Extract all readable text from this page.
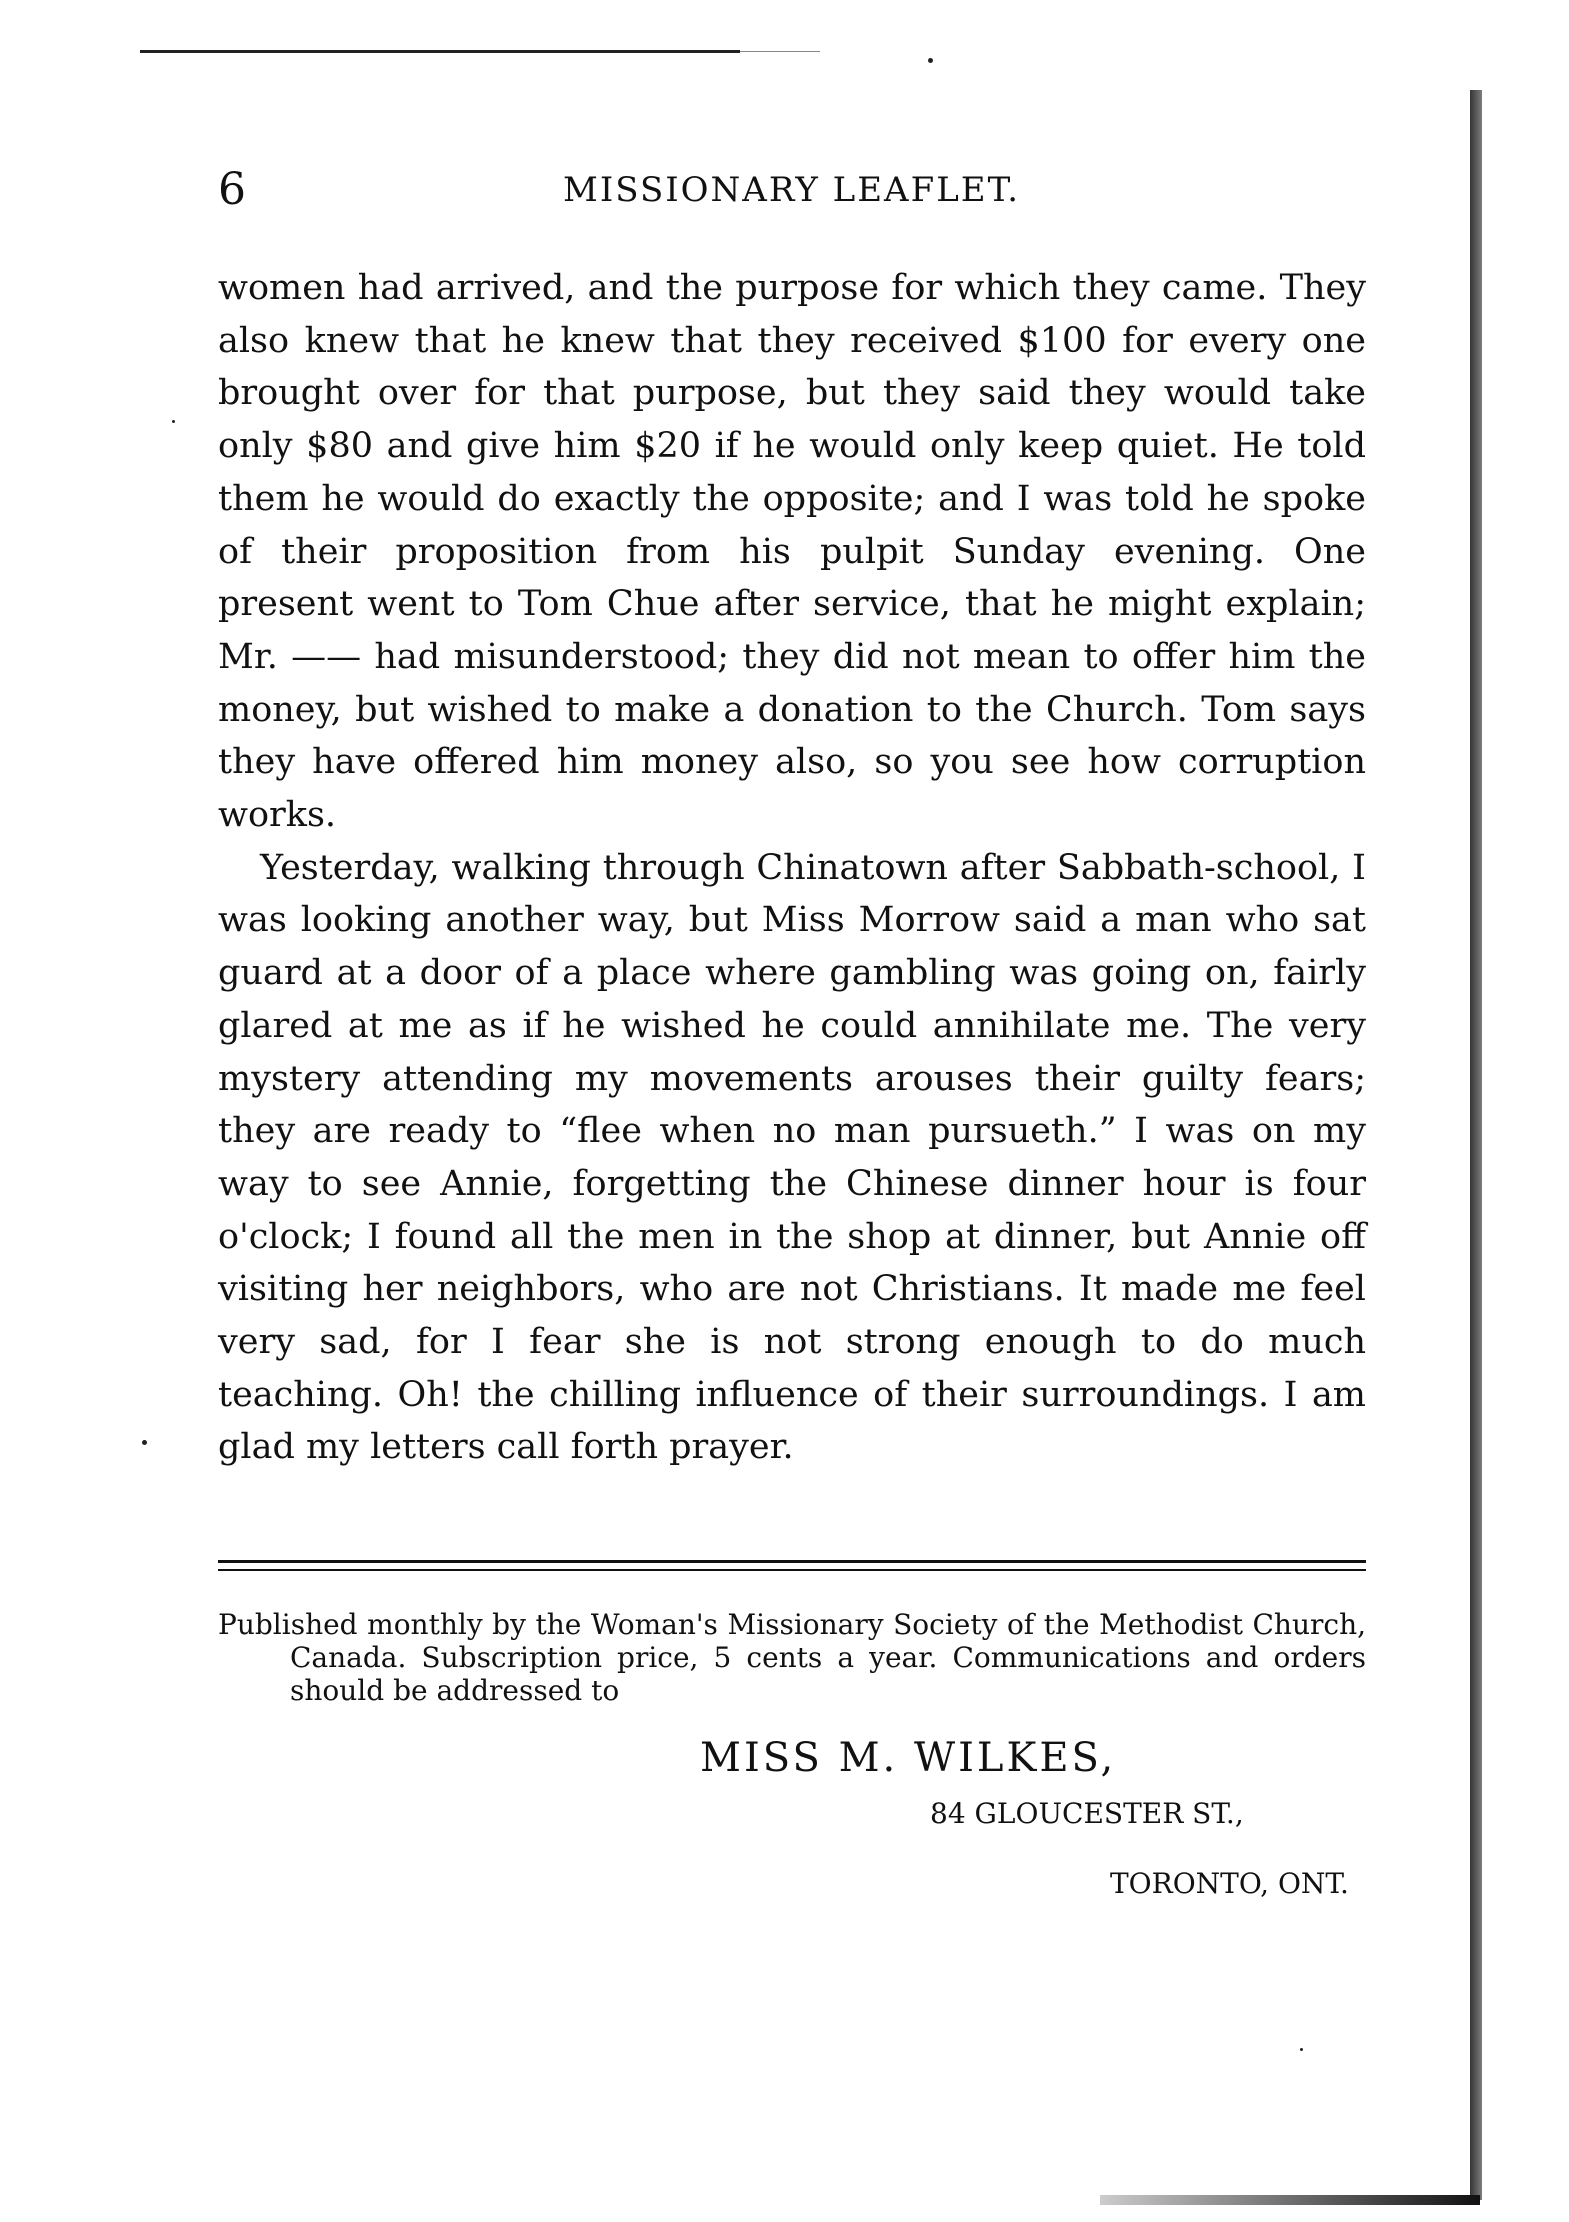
6	MISSIONARY LEAFLET.

women had arrived, and the purpose for which they came. They also knew that he knew that they received $100 for every one brought over for that purpose, but they said they would take only $80 and give him $20 if he would only keep quiet. He told them he would do exactly the opposite; and I was told he spoke of their proposition from his pulpit Sunday evening. One present went to Tom Chue after service, that he might explain; Mr. —— had misunderstood; they did not mean to offer him the money, but wished to make a donation to the Church. Tom says they have offered him money also, so you see how corruption works.

Yesterday, walking through Chinatown after Sabbath-school, I was looking another way, but Miss Morrow said a man who sat guard at a door of a place where gambling was going on, fairly glared at me as if he wished he could annihilate me. The very mystery attending my movements arouses their guilty fears; they are ready to “flee when no man pursueth.” I was on my way to see Annie, forgetting the Chinese dinner hour is four o'clock; I found all the men in the shop at dinner, but Annie off visiting her neighbors, who are not Christians. It made me feel very sad, for I fear she is not strong enough to do much teaching. Oh! the chilling influence of their surroundings. I am glad my letters call forth prayer.

Published monthly by the Woman's Missionary Society of the Methodist Church, Canada. Subscription price, 5 cents a year. Communications and orders should be addressed to

MISS M. WILKES,
84 GLOUCESTER ST.,
TORONTO, ONT.
